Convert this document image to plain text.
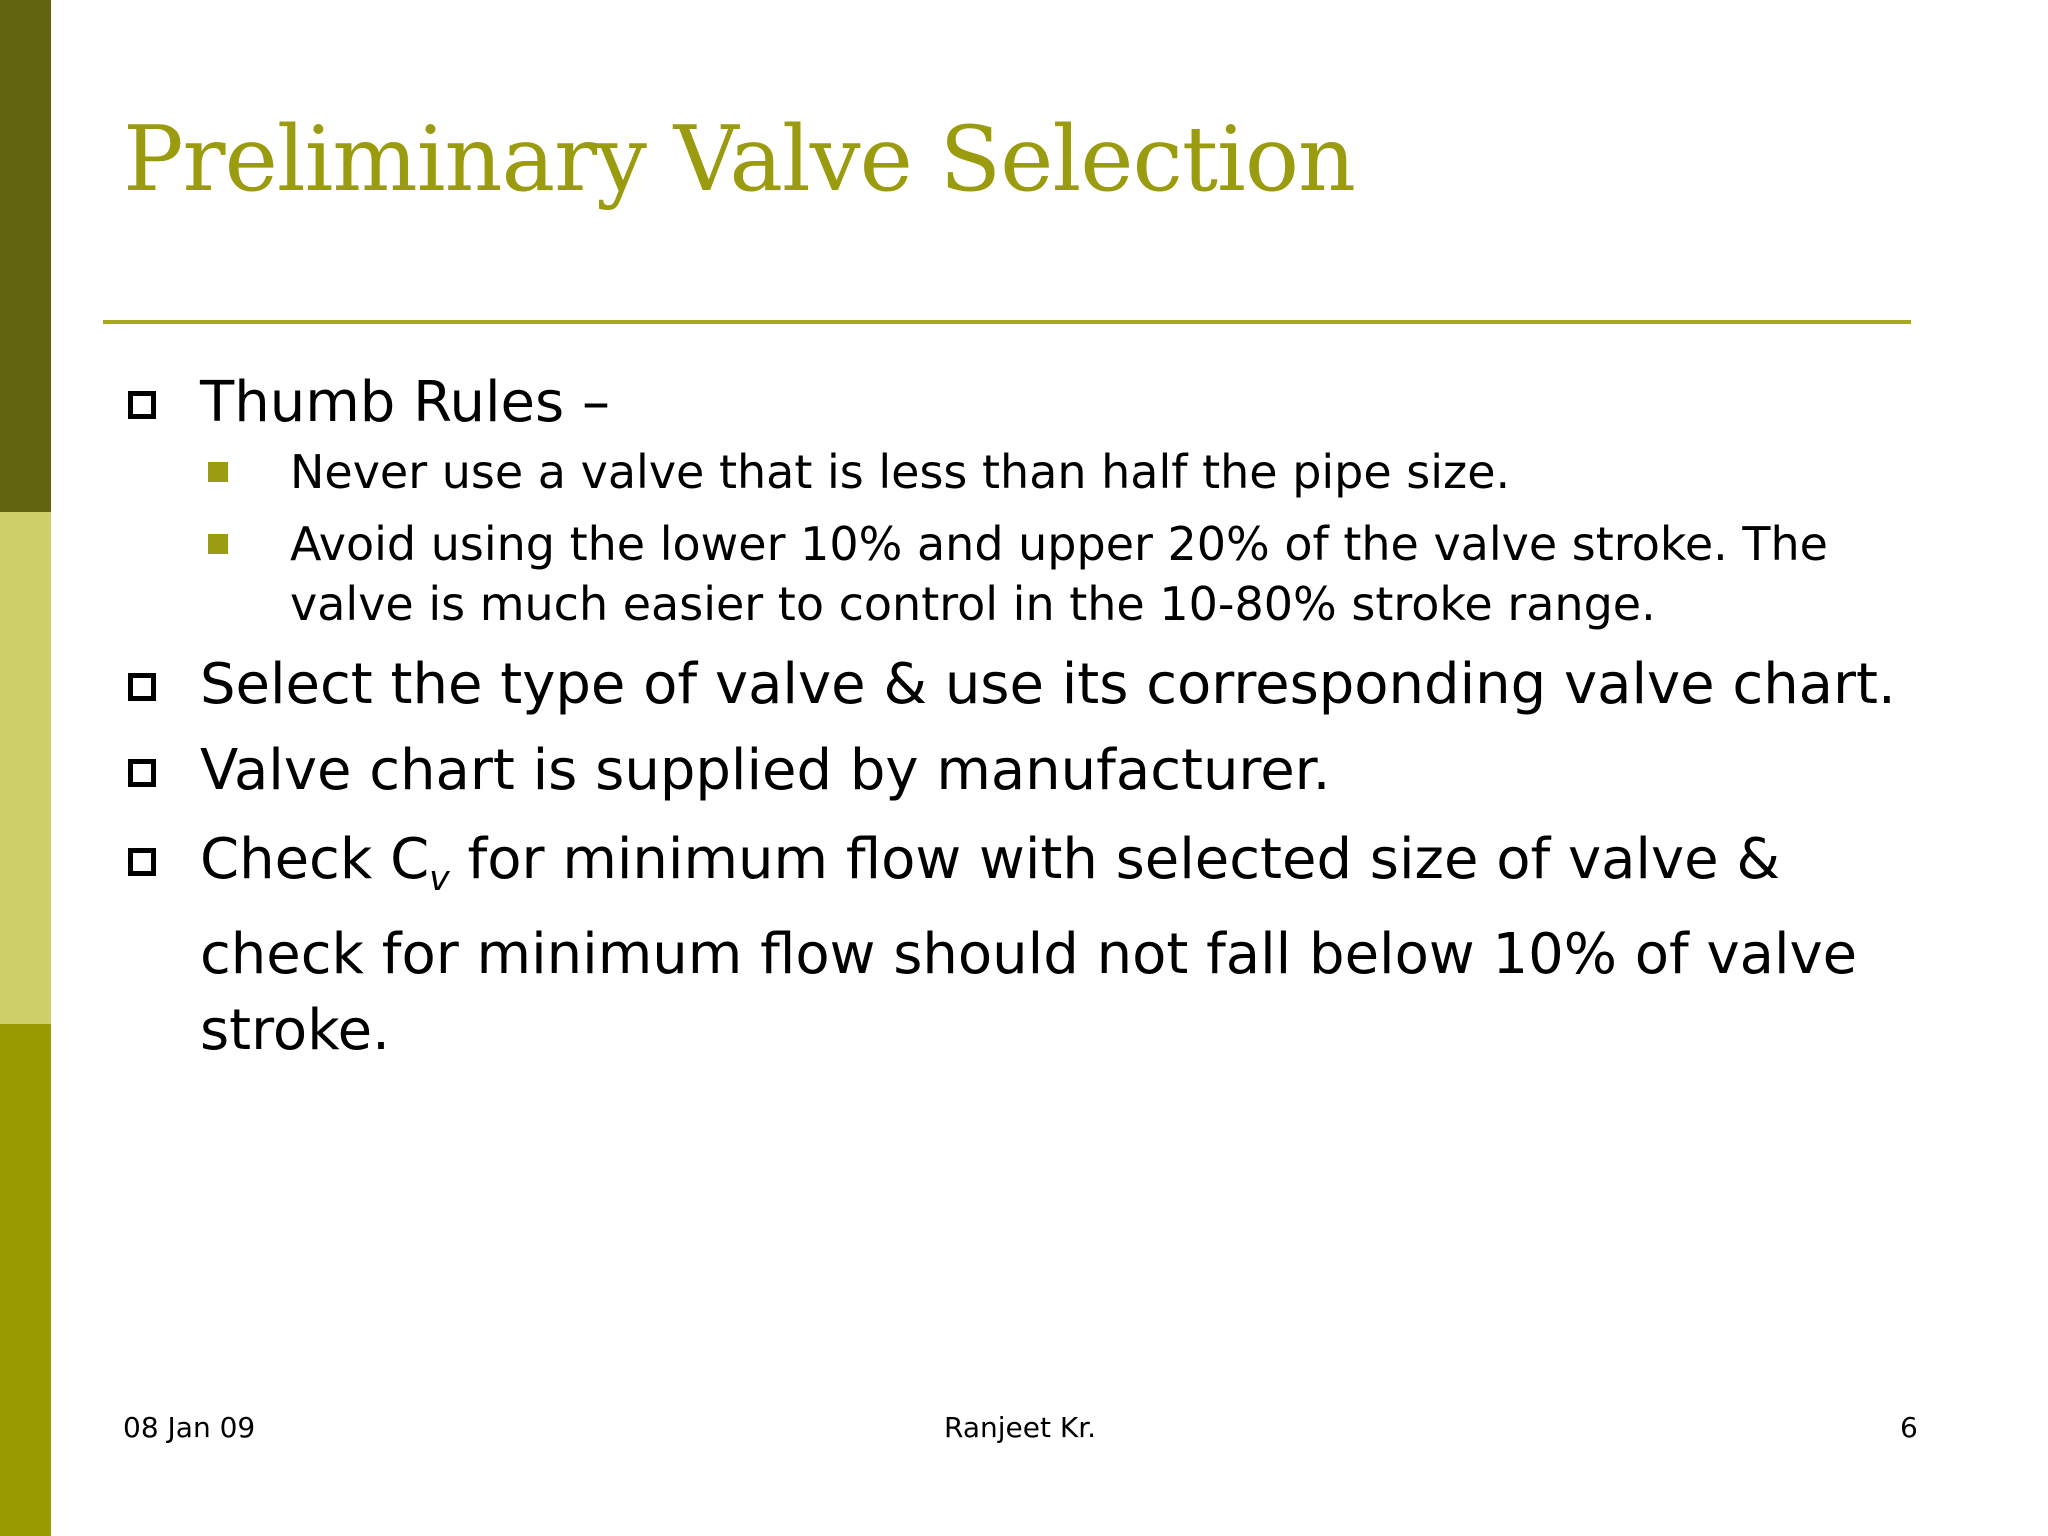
Preliminary Valve Selection
Thumb Rules –
Never use a valve that is less than half the pipe size.
Avoid using the lower 10% and upper 20% of the valve stroke. The valve is much easier to control in the 10-80% stroke range.
Select the type of valve & use its corresponding valve chart.
Valve chart is supplied by manufacturer.
Check $C_v$ for minimum flow with selected size of valve & check for minimum flow should not fall below 10% of valve stroke.
08 Jan 09	Ranjeet Kr.	6
